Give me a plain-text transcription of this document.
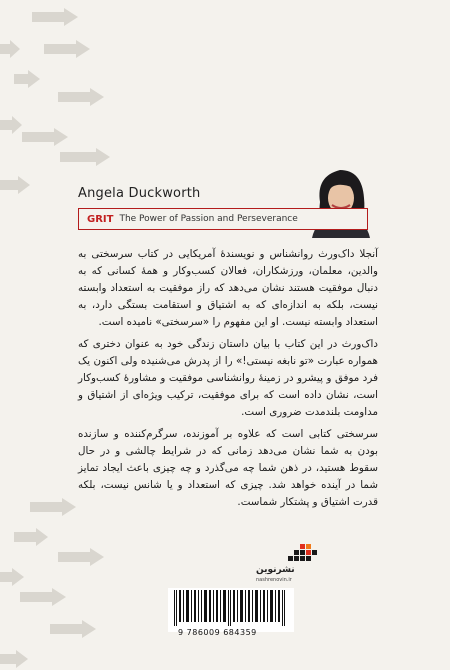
Angela Duckworth
GRIT The Power of Passion and Perseverance
آنجلا داک‌ورث روانشناس و نویسندهٔ آمریکایی در کتاب سرسختی به والدین، معلمان، ورزشکاران، فعالان کسب‌وکار و همهٔ کسانی که به دنبال موفقیت هستند نشان می‌دهد که راز موفقیت به استعداد وابسته نیست، بلکه به اندازه‌ای که به اشتیاق و استقامت بستگی دارد، به استعداد وابسته نیست. او این مفهوم را «سرسختی» نامیده است.
داک‌ورث در این کتاب با بیان داستان زندگی خود به عنوان دختری که همواره عبارت «تو نابغه نیستی!» را از پدرش می‌شنیده ولی اکنون یک فرد موفق و پیشرو در زمینهٔ روانشناسی موفقیت و مشاورهٔ کسب‌وکار است، نشان داده است که برای موفقیت، ترکیب ویژه‌ای از اشتیاق و مداومت بلندمدت ضروری است.
سرسختی کتابی است که علاوه بر آموزنده، سرگرم‌کننده و سازنده بودن به شما نشان می‌دهد زمانی که در شرایط چالشی و در حال سقوط هستید، در ذهن شما چه می‌گذرد و چه چیزی باعث ایجاد تمایز شما در آینده خواهد شد. چیزی که استعداد و یا شانس نیست، بلکه قدرت اشتیاق و پشتکار شماست.
نشرنوین
nashrenovin.ir
9 786009 684359
